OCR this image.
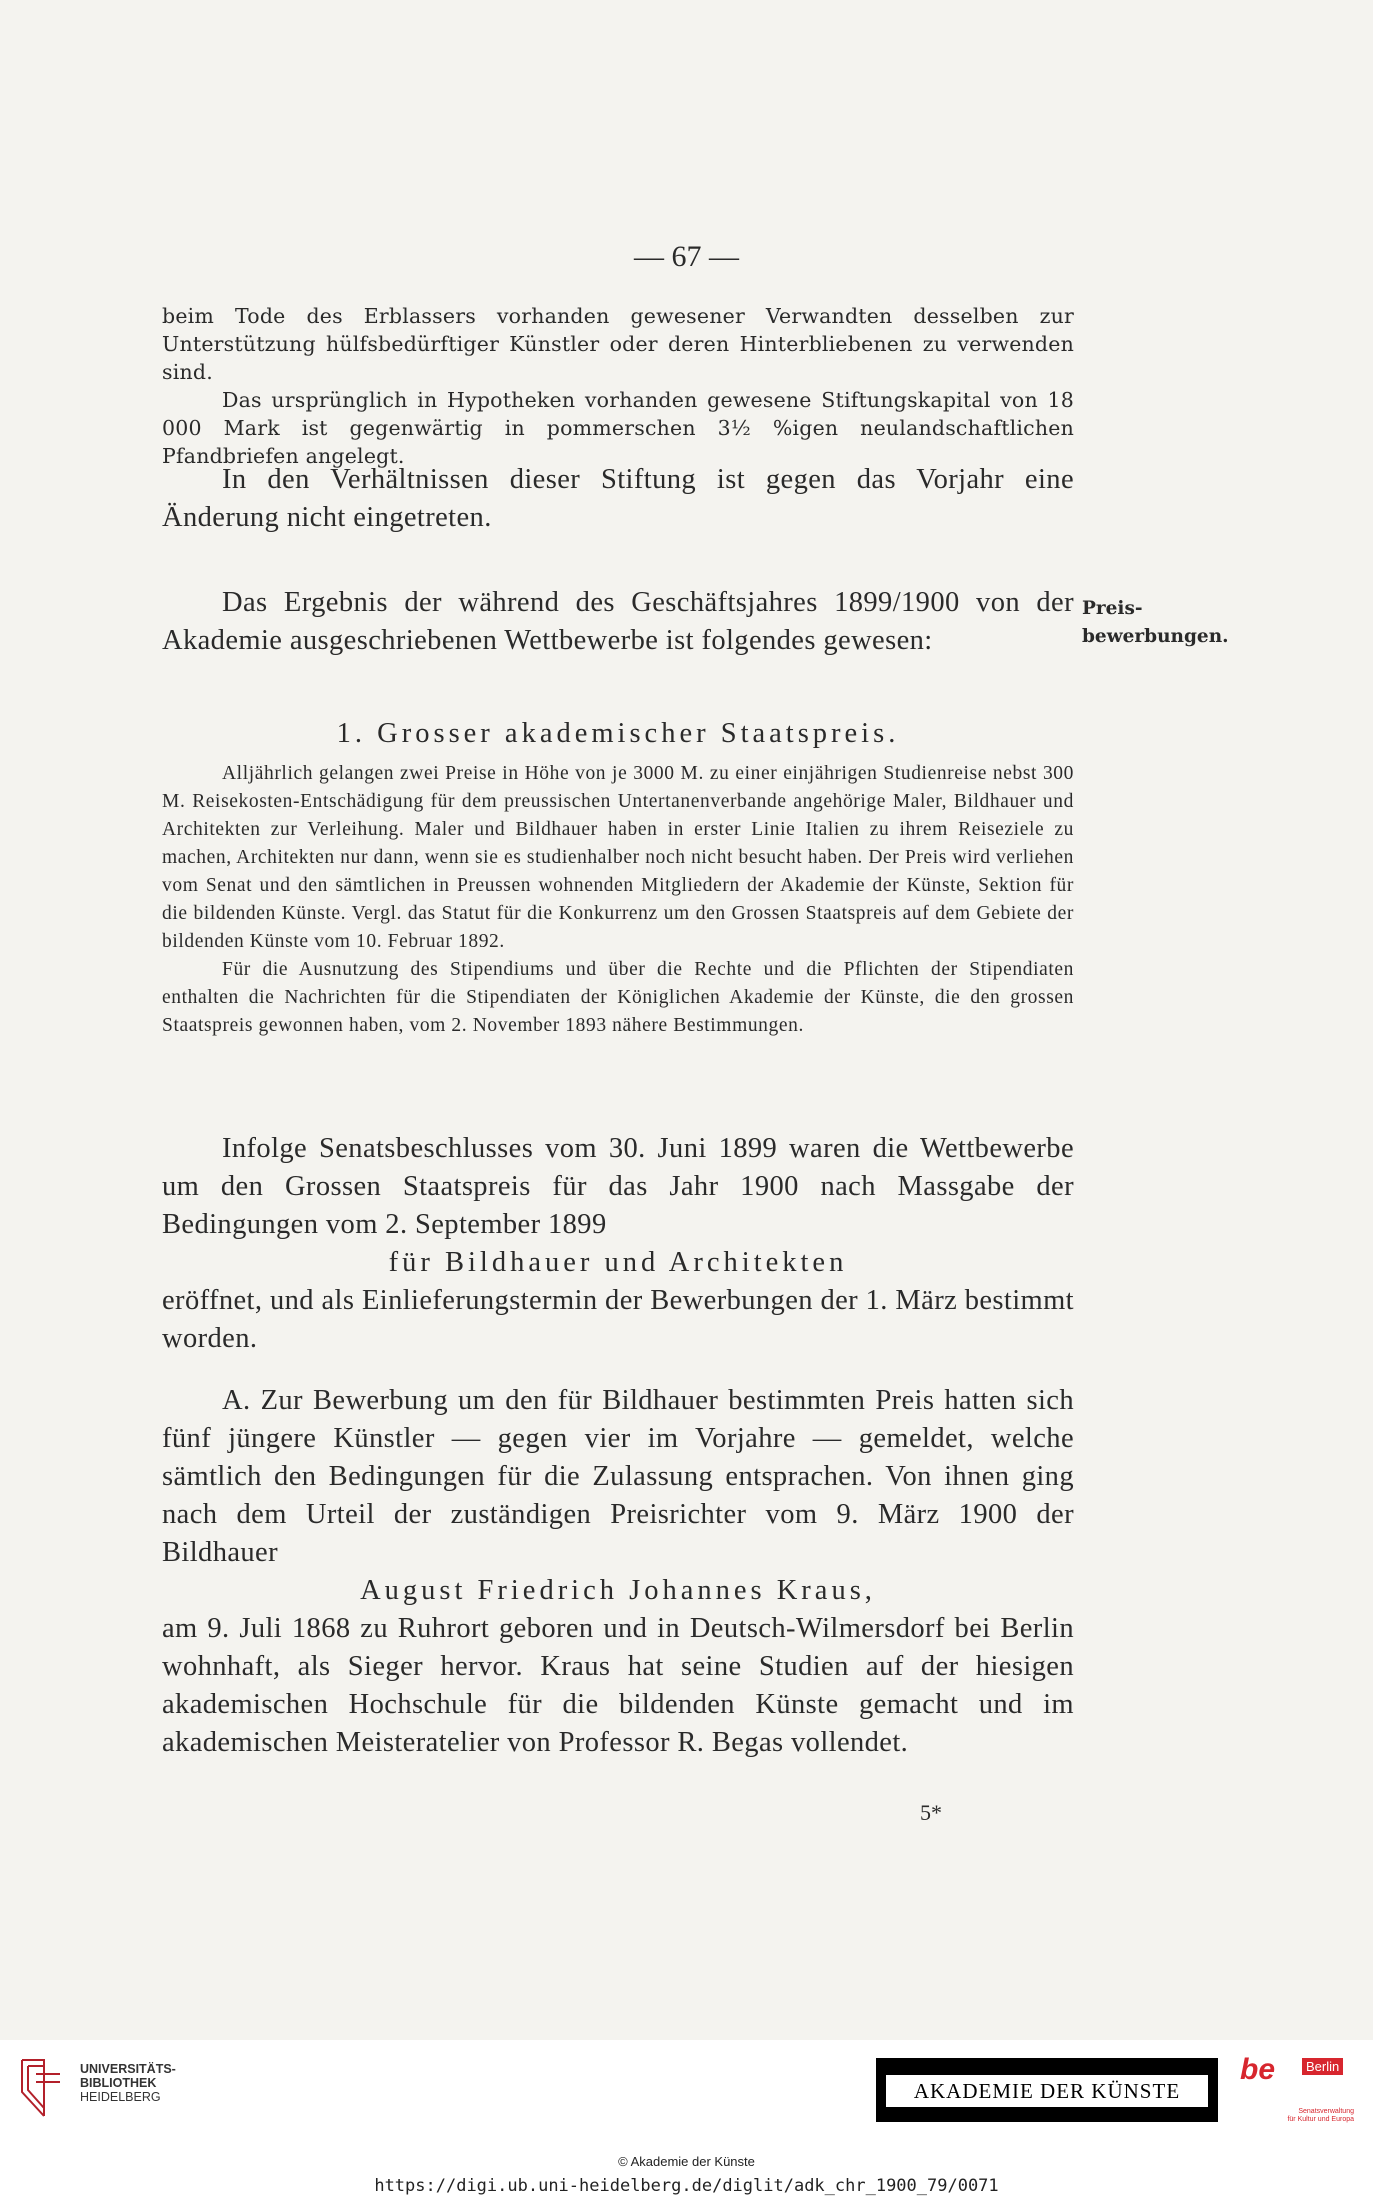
— 67 —

beim Tode des Erblassers vorhanden gewesener Verwandten desselben zur Unterstützung hülfsbedürftiger Künstler oder deren Hinterbliebenen zu verwenden sind.

Das ursprünglich in Hypotheken vorhanden gewesene Stiftungskapital von 18 000 Mark ist gegenwärtig in pommerschen 3½ %igen neulandschaftlichen Pfandbriefen angelegt.

In den Verhältnissen dieser Stiftung ist gegen das Vorjahr eine Änderung nicht eingetreten.

Das Ergebnis der während des Geschäftsjahres 1899/1900 von der Akademie ausgeschriebenen Wettbewerbe ist folgendes gewesen:

Preis-
bewerbungen.

1. Grosser akademischer Staatspreis.

Alljährlich gelangen zwei Preise in Höhe von je 3000 M. zu einer einjährigen Studienreise nebst 300 M. Reisekosten-Entschädigung für dem preussischen Untertanenverbande angehörige Maler, Bildhauer und Architekten zur Verleihung. Maler und Bildhauer haben in erster Linie Italien zu ihrem Reiseziele zu machen, Architekten nur dann, wenn sie es studienhalber noch nicht besucht haben. Der Preis wird verliehen vom Senat und den sämtlichen in Preussen wohnenden Mitgliedern der Akademie der Künste, Sektion für die bildenden Künste. Vergl. das Statut für die Konkurrenz um den Grossen Staatspreis auf dem Gebiete der bildenden Künste vom 10. Februar 1892.

Für die Ausnutzung des Stipendiums und über die Rechte und die Pflichten der Stipendiaten enthalten die Nachrichten für die Stipendiaten der Königlichen Akademie der Künste, die den grossen Staatspreis gewonnen haben, vom 2. November 1893 nähere Bestimmungen.

Infolge Senatsbeschlusses vom 30. Juni 1899 waren die Wettbewerbe um den Grossen Staatspreis für das Jahr 1900 nach Massgabe der Bedingungen vom 2. September 1899

für Bildhauer und Architekten

eröffnet, und als Einlieferungstermin der Bewerbungen der 1. März bestimmt worden.

A. Zur Bewerbung um den für Bildhauer bestimmten Preis hatten sich fünf jüngere Künstler — gegen vier im Vorjahre — gemeldet, welche sämtlich den Bedingungen für die Zulassung entsprachen. Von ihnen ging nach dem Urteil der zuständigen Preisrichter vom 9. März 1900 der Bildhauer

August Friedrich Johannes Kraus,

am 9. Juli 1868 zu Ruhrort geboren und in Deutsch-Wilmersdorf bei Berlin wohnhaft, als Sieger hervor. Kraus hat seine Studien auf der hiesigen akademischen Hochschule für die bildenden Künste gemacht und im akademischen Meisteratelier von Professor R. Begas vollendet.

5*
UNIVERSITÄTS-
BIBLIOTHEK
HEIDELBERG	AKADEMIE DER KÜNSTE
be	Berlin
Senatsverwaltung
für Kultur und Europa
© Akademie der Künste
https://digi.ub.uni-heidelberg.de/diglit/adk_chr_1900_79/0071
